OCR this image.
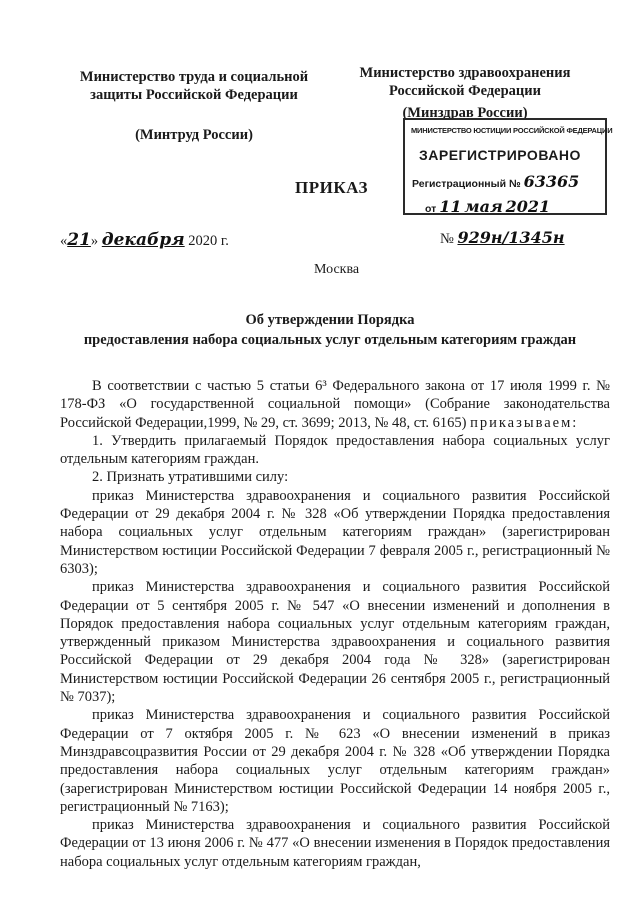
Министерство труда и социальной
защиты Российской Федерации
(Минтруд России)
Министерство здравоохранения
Российской Федерации
(Минздрав России)
МИНИСТЕРСТВО ЮСТИЦИИ РОССИЙСКОЙ ФЕДЕРАЦИИ
ЗАРЕГИСТРИРОВАНО
Регистрационный № 63365
от 11 мая 2021
ПРИКАЗ
«21» декабря 2020 г.	№ 929н/1345н
Москва
Об утверждении Порядка
предоставления набора социальных услуг отдельным категориям граждан

В соответствии с частью 5 статьи 6³ Федерального закона от 17 июля 1999 г. № 178-ФЗ «О государственной социальной помощи» (Собрание законодательства Российской Федерации,1999, № 29, ст. 3699; 2013, № 48, ст. 6165) приказываем:

1. Утвердить прилагаемый Порядок предоставления набора социальных услуг отдельным категориям граждан.

2. Признать утратившими силу:

приказ Министерства здравоохранения и социального развития Российской Федерации от 29 декабря 2004 г. № 328 «Об утверждении Порядка предоставления набора социальных услуг отдельным категориям граждан» (зарегистрирован Министерством юстиции Российской Федерации 7 февраля 2005 г., регистрационный № 6303);

приказ Министерства здравоохранения и социального развития Российской Федерации от 5 сентября 2005 г. № 547 «О внесении изменений и дополнения в Порядок предоставления набора социальных услуг отдельным категориям граждан, утвержденный приказом Министерства здравоохранения и социального развития Российской Федерации от 29 декабря 2004 года № 328» (зарегистрирован Министерством юстиции Российской Федерации 26 сентября 2005 г., регистрационный № 7037);

приказ Министерства здравоохранения и социального развития Российской Федерации от 7 октября 2005 г. № 623 «О внесении изменений в приказ Минздравсоцразвития России от 29 декабря 2004 г. № 328 «Об утверждении Порядка предоставления набора социальных услуг отдельным категориям граждан» (зарегистрирован Министерством юстиции Российской Федерации 14 ноября 2005 г., регистрационный № 7163);

приказ Министерства здравоохранения и социального развития Российской Федерации от 13 июня 2006 г. № 477 «О внесении изменения в Порядок предоставления набора социальных услуг отдельным категориям граждан,
